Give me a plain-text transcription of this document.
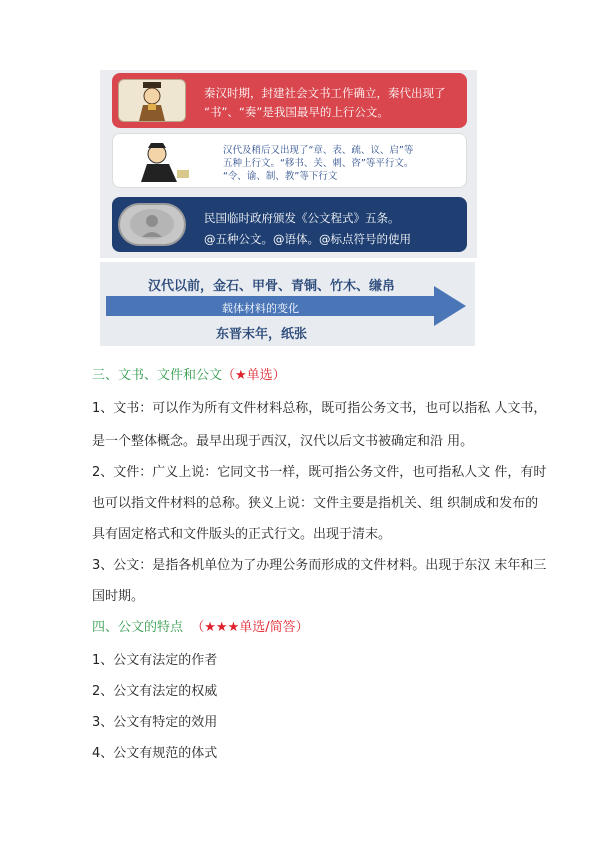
秦汉时期，封建社会文书工作确立，秦代出现了
“书”、“奏”是我国最早的上行公文。
汉代及稍后又出现了“章、表、疏、议、启”等
五种上行文。“移书、关、刺、咨”等平行文。
“令、谕、制、教”等下行文
民国临时政府颁发《公文程式》五条。
@五种公文。@语体。@标点符号的使用
汉代以前，金石、甲骨、青铜、竹木、缣帛
载体材料的变化
东晋末年，纸张
三、文书、文件和公文（★单选）
1、文书：可以作为所有文件材料总称，既可指公务文书，也可以指私 人文书，
是一个整体概念。最早出现于西汉，汉代以后文书被确定和沿 用。
2、文件：广义上说：它同文书一样，既可指公务文件，也可指私人文 件，有时
也可以指文件材料的总称。狭义上说：文件主要是指机关、组 织制成和发布的
具有固定格式和文件版头的正式行文。出现于清末。
3、公文：是指各机单位为了办理公务而形成的文件材料。出现于东汉 末年和三
国时期。
四、公文的特点 （★★★单选/简答）
1、公文有法定的作者
2、公文有法定的权威
3、公文有特定的效用
4、公文有规范的体式
